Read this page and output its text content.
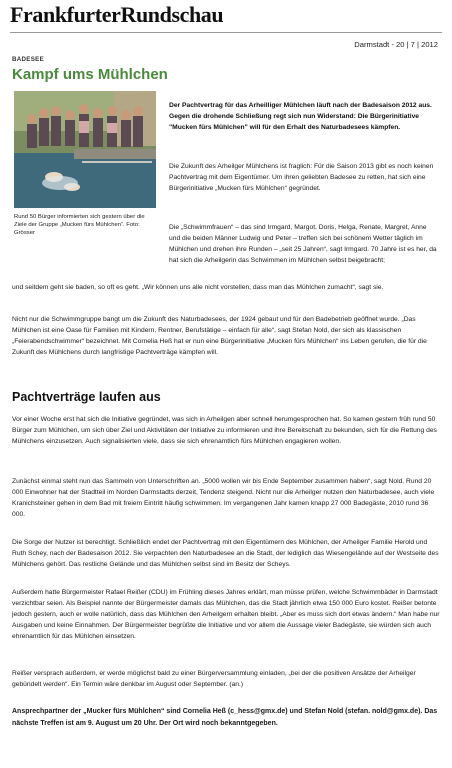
FrankfurterRundschau
Darmstadt - 20 | 7 | 2012
BADESEE
Kampf ums Mühlchen
Rund 50 Bürger informierten sich gestern über die Ziele der Gruppe „Mucken fürs Mühlchen“. Foto: Grösser

Der Pachtvertrag für das Arheilliger Mühlchen läuft nach der Badesaison 2012 aus. Gegen die drohende Schließung regt sich nun Widerstand: Die Bürgerinitiative "Mucken fürs Mühlchen" will für den Erhalt des Naturbadesees kämpfen.

Die Zukunft des Arheilger Mühlchens ist fraglich: Für die Saison 2013 gibt es noch keinen Pachtvertrag mit dem Eigentümer. Um ihren geliebten Badesee zu retten, hat sich eine Bürgerinitiative „Mucken fürs Mühlchen“ gegründet.

Die „Schwimmfrauen“ – das sind Irmgard, Margot, Doris, Helga, Renate, Margret, Anne und die beiden Männer Ludwig und Peter – treffen sich bei schönem Wetter täglich im Mühlchen und drehen ihre Runden – „seit 25 Jahren“, sagt Irmgard. 70 Jahre ist es her, da hat sich die Arheilgerin das Schwimmen im Mühlchen selbst beigebracht;

und seitdem geht sie baden, so oft es geht. „Wir können uns alle nicht vorstellen, dass man das Mühlchen zumacht“, sagt sie.

Nicht nur die Schwimmgruppe bangt um die Zukunft des Naturbadesees, der 1924 gebaut und für den Badebetrieb geöffnet wurde. „Das Mühlchen ist eine Oase für Familien mit Kindern, Rentner, Berufstätige – einfach für alle“, sagt Stefan Nold, der sich als klassischen „Feierabendschwimmer“ bezeichnet. Mit Cornelia Heß hat er nun eine Bürgerinitiative „Mucken fürs Mühlchen“ ins Leben gerufen, die für die Zukunft des Mühlchens durch langfristige Pachtverträge kämpfen will.

Pachtverträge laufen aus

Vor einer Woche erst hat sich die Initiative gegründet, was sich in Arheilgen aber schnell herumgesprochen hat. So kamen gestern früh rund 50 Bürger zum Mühlchen, um sich über Ziel und Aktivitäten der Initiative zu informieren und ihre Bereitschaft zu bekunden, sich für die Rettung des Mühlchens einzusetzen. Auch signalisierten viele, dass sie sich ehrenamtlich fürs Mühlchen engagieren wollen.

Zunächst einmal steht nun das Sammeln von Unterschriften an. „5000 wollen wir bis Ende September zusammen haben“, sagt Nold. Rund 20 000 Einwohner hat der Stadtteil im Norden Darmstadts derzeit, Tendenz steigend. Nicht nur die Arheilger nutzen den Naturbadesee, auch viele Kranichsteiner gehen in dem Bad mit freiem Eintritt häufig schwimmen. Im vergangenen Jahr kamen knapp 27 000 Badegäste, 2010 rund 36 000.

Die Sorge der Nutzer ist berechtigt. Schließlich endet der Pachtvertrag mit den Eigentümern des Mühlchen, der Arheilger Familie Herold und Ruth Schey, nach der Badesaison 2012. Sie verpachten den Naturbadesee an die Stadt, der lediglich das Wiesengelände auf der Westseite des Mühlchens gehört. Das restliche Gelände und das Mühlchen selbst sind im Besitz der Scheys.

Außerdem hatte Bürgermeister Rafael Reißer (CDU) im Frühling dieses Jahres erklärt, man müsse prüfen, welche Schwimmbäder in Darmstadt verzichtbar seien. Als Beispiel nannte der Bürgermeister damals das Mühlchen, das die Stadt jährlich etwa 150 000 Euro kostet. Reißer betonte jedoch gestern, auch er wolle natürlich, dass das Mühlchen den Arheilgern erhalten bleibt. „Aber es muss sich dort etwas ändern.“ Man habe nur Ausgaben und keine Einnahmen. Der Bürgermeister begrüßte die Initiative und vor allem die Aussage vieler Badegäste, sie würden sich auch ehrenamtlich für das Mühlchen einsetzen.

Reißer versprach außerdem, er werde möglichst bald zu einer Bürgerversammlung einladen, „bei der die positiven Ansätze der Arheilger gebündelt werden“. Ein Termin wäre denkbar im August oder September. (an.)

Ansprechpartner der „Mucker fürs Mühlchen“ sind Cornelia Heß (c_hess@gmx.de) und Stefan Nold (stefan. nold@gmx.de). Das nächste Treffen ist am 9. August um 20 Uhr. Der Ort wird noch bekanntgegeben.
